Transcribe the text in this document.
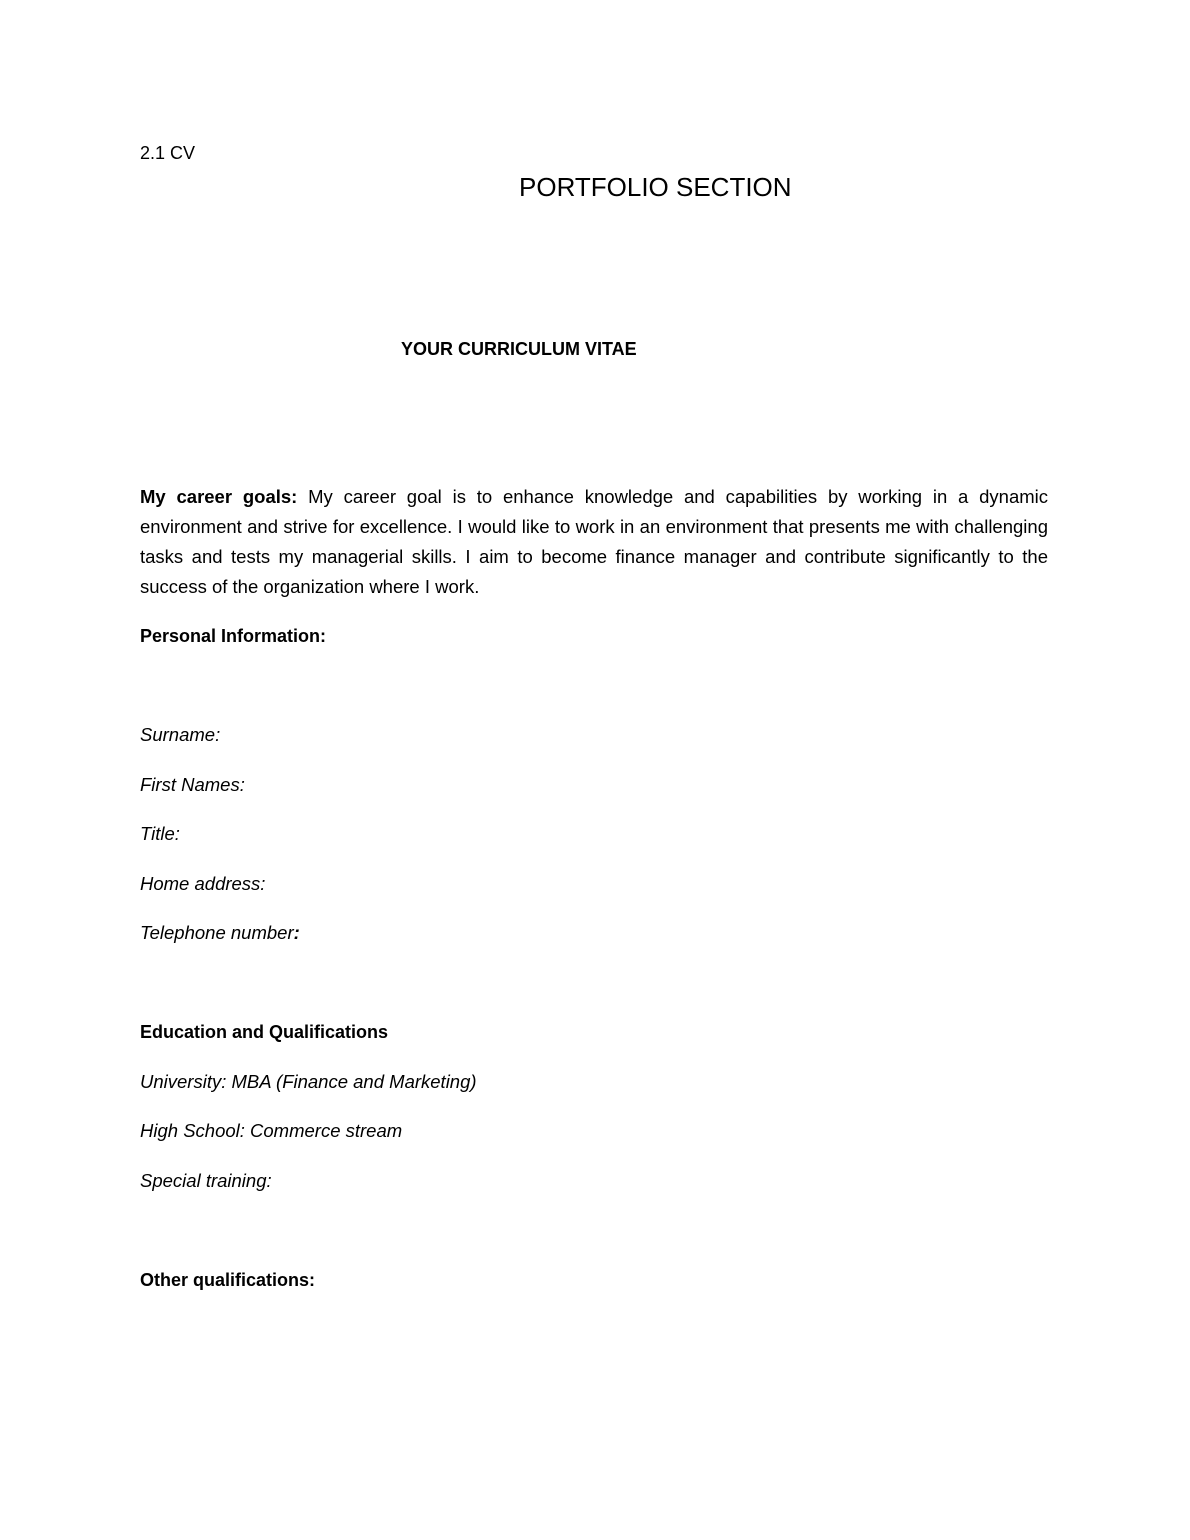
2.1 CV

PORTFOLIO SECTION
YOUR CURRICULUM VITAE

My career goals: My career goal is to enhance knowledge and capabilities by working in a dynamic environment and strive for excellence. I would like to work in an environment that presents me with challenging tasks and tests my managerial skills. I aim to become finance manager and contribute significantly to the success of the organization where I work.

Personal Information:

Surname:

First Names:

Title:

Home address:

Telephone number:

Education and Qualifications

University: MBA (Finance and Marketing)

High School: Commerce stream

Special training:

Other qualifications:
